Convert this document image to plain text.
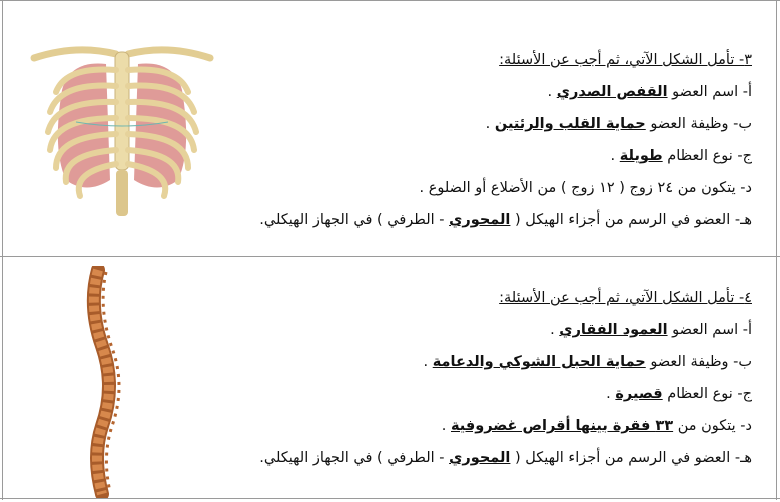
٣- تأمل الشكل الآتي، ثم أجب عن الأسئلة:
أ- اسم العضو القفص الصدري .
ب- وظيفة العضو حماية القلب والرئتين .
ج- نوع العظام طويلة .
د- يتكون من ٢٤ زوج ( ١٢ زوج ) من الأضلاع أو الضلوع .
هـ- العضو في الرسم من أجزاء الهيكل ( المحوري - الطرفي ) في الجهاز الهيكلي.
٤- تأمل الشكل الآتي، ثم أجب عن الأسئلة:
أ- اسم العضو العمود الفقاري .
ب- وظيفة العضو حماية الحبل الشوكي والدعامة .
ج- نوع العظام قصيرة .
د- يتكون من ٣٣ فقرة بينها أقراص غضروفية .
هـ- العضو في الرسم من أجزاء الهيكل ( المحوري - الطرفي ) في الجهاز الهيكلي.
